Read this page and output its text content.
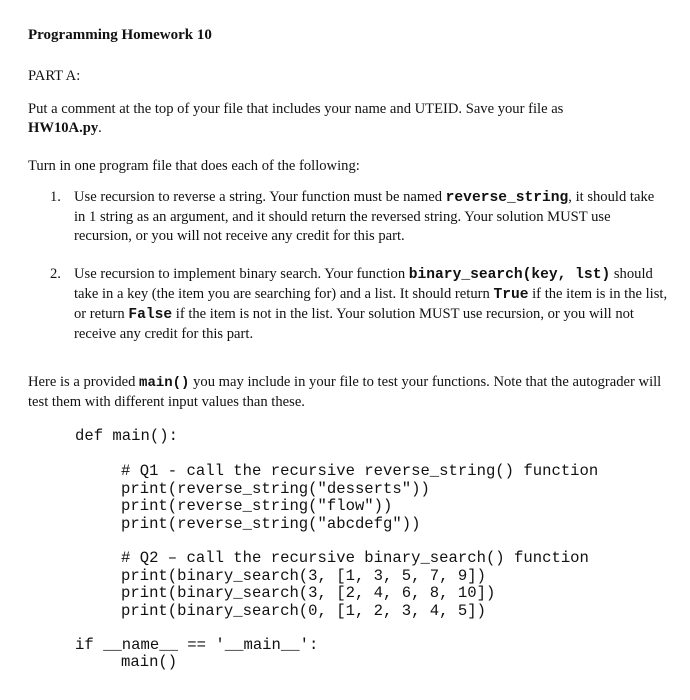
Programming Homework 10
PART A:
Put a comment at the top of your file that includes your name and UTEID. Save your file as
HW10A.py.
Turn in one program file that does each of the following:
1. Use recursion to reverse a string. Your function must be named reverse_string, it should take in 1 string as an argument, and it should return the reversed string. Your solution MUST use recursion, or you will not receive any credit for this part.
2. Use recursion to implement binary search. Your function binary_search(key, lst) should take in a key (the item you are searching for) and a list. It should return True if the item is in the list, or return False if the item is not in the list. Your solution MUST use recursion, or you will not receive any credit for this part.
Here is a provided main() you may include in your file to test your functions. Note that the autograder will test them with different input values than these.
def main():
# Q1 - call the recursive reverse_string() function
print(reverse_string("desserts"))
print(reverse_string("flow"))
print(reverse_string("abcdefg"))
# Q2 – call the recursive binary_search() function
print(binary_search(3, [1, 3, 5, 7, 9])
print(binary_search(3, [2, 4, 6, 8, 10])
print(binary_search(0, [1, 2, 3, 4, 5])
if __name__ == '__main__':
main()
